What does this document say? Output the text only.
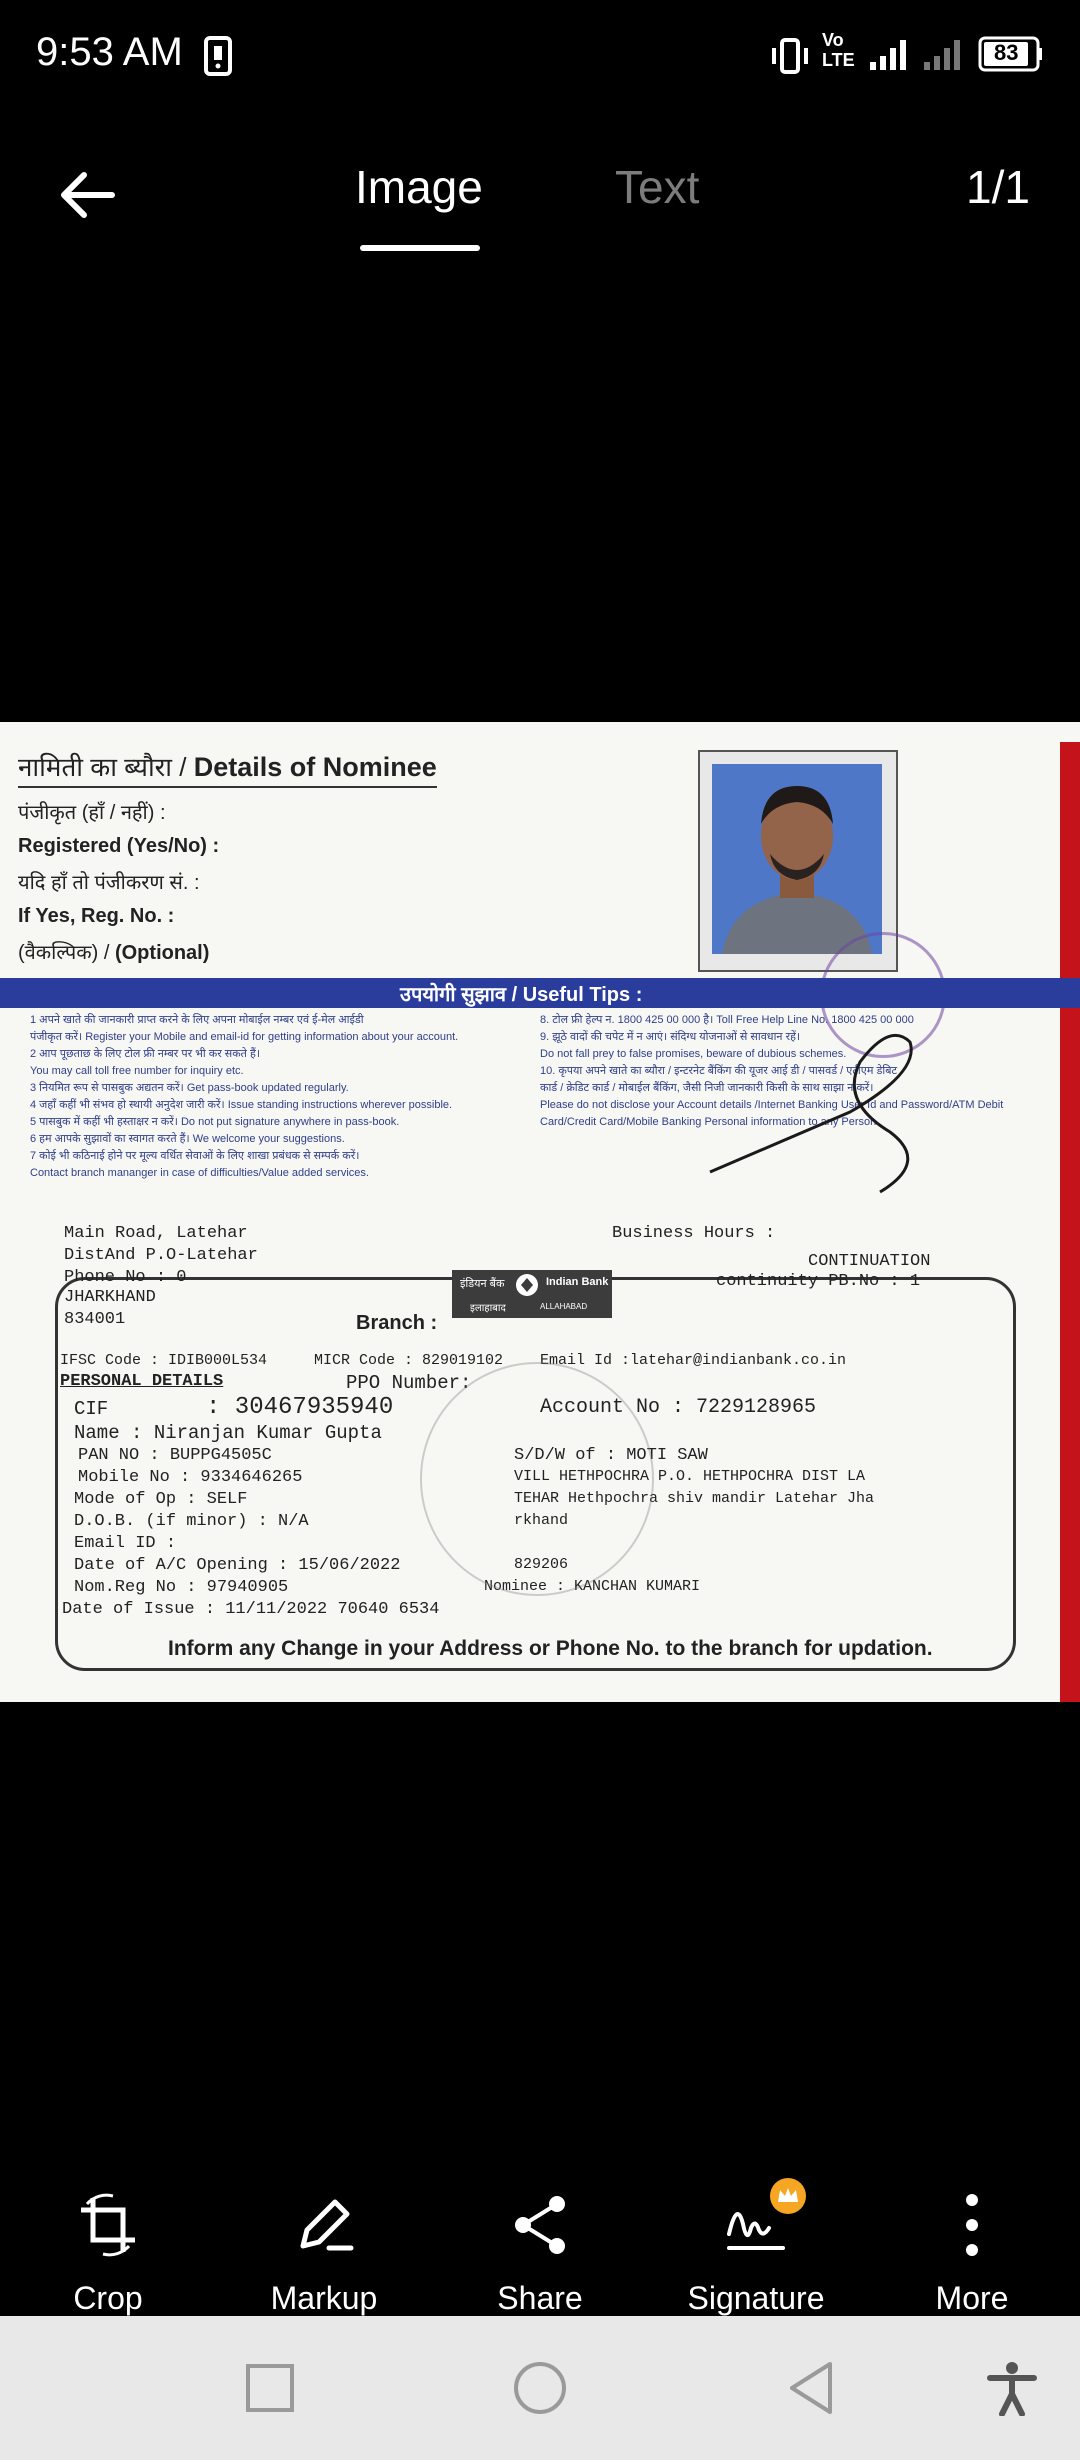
9:53 AM	Vo LTE	83
Image	Text	1/1
नामिती का ब्यौरा / Details of Nominee
पंजीकृत (हाँ / नहीं) :
Registered (Yes/No) :
यदि हाँ तो पंजीकरण सं. :
If Yes, Reg. No. :
(वैकल्पिक) / (Optional)
उपयोगी सुझाव / Useful Tips :
1 अपने खाते की जानकारी प्राप्त करने के लिए अपना मोबाईल नम्बर एवं ई-मेल आईडी
पंजीकृत करें। Register your Mobile and email-id for getting information about your account.
2 आप पूछताछ के लिए टोल फ्री नम्बर पर भी कर सकते हैं।
You may call toll free number for inquiry etc.
3 नियमित रूप से पासबुक अद्यतन करें। Get pass-book updated regularly.
4 जहाँ कहीं भी संभव हो स्थायी अनुदेश जारी करें। Issue standing instructions wherever possible.
5 पासबुक में कहीं भी हस्ताक्षर न करें। Do not put signature anywhere in pass-book.
6 हम आपके सुझावों का स्वागत करते हैं। We welcome your suggestions.
7 कोई भी कठिनाई होने पर मूल्य वर्धित सेवाओं के लिए शाखा प्रबंधक से सम्पर्क करें।
Contact branch mananger in case of difficulties/Value added services.
8. टोल फ्री हेल्प न. 1800 425 00 000 है। Toll Free Help Line No. 1800 425 00 000
9. झूठे वादों की चपेट में न आएं। संदिग्ध योजनाओं से सावधान रहें।
Do not fall prey to false promises, beware of dubious schemes.
10. कृपया अपने खाते का ब्यौरा / इन्टरनेट बैंकिंग की यूजर आई डी / पासवर्ड / एटीएम डेबिट
कार्ड / क्रेडिट कार्ड / मोबाईल बैंकिंग, जैसी निजी जानकारी किसी के साथ साझा न करें।
Please do not disclose your Account details /Internet Banking User Id and Password/ATM Debit
Card/Credit Card/Mobile Banking Personal information to any Person.
Main Road, Latehar
DistAnd P.O-Latehar
Phone No : 0
JHARKHAND
834001
Business Hours :
CONTINUATION
continuity PB.No : 1
Branch :
IFSC Code : IDIB000L534	MICR Code : 829019102 Email Id :latehar@indianbank.co.in
PERSONAL DETAILS	PPO Number:
CIF	: 30467935940	Account No : 7229128965
Name : Niranjan Kumar Gupta
PAN NO : BUPPG4505C	S/D/W of : MOTI SAW
Mobile No : 9334646265	VILL HETHPOCHRA P.O. HETHPOCHRA DIST LA
Mode of Op : SELF	TEHAR Hethpochra shiv mandir Latehar Jha
D.O.B. (if minor) : N/A	rkhand
Email ID :
829206
Date of A/C Opening : 15/06/2022
Nom.Reg No : 97940905	Nominee : KANCHAN KUMARI
Date of Issue : 11/11/2022 70640 6534
इंडियन बैंक	Indian Bank
इलाहाबाद	ALLAHABAD
Inform any Change in your Address or Phone No. to the branch for updation.
Crop	Markup	Share	Signature	More
